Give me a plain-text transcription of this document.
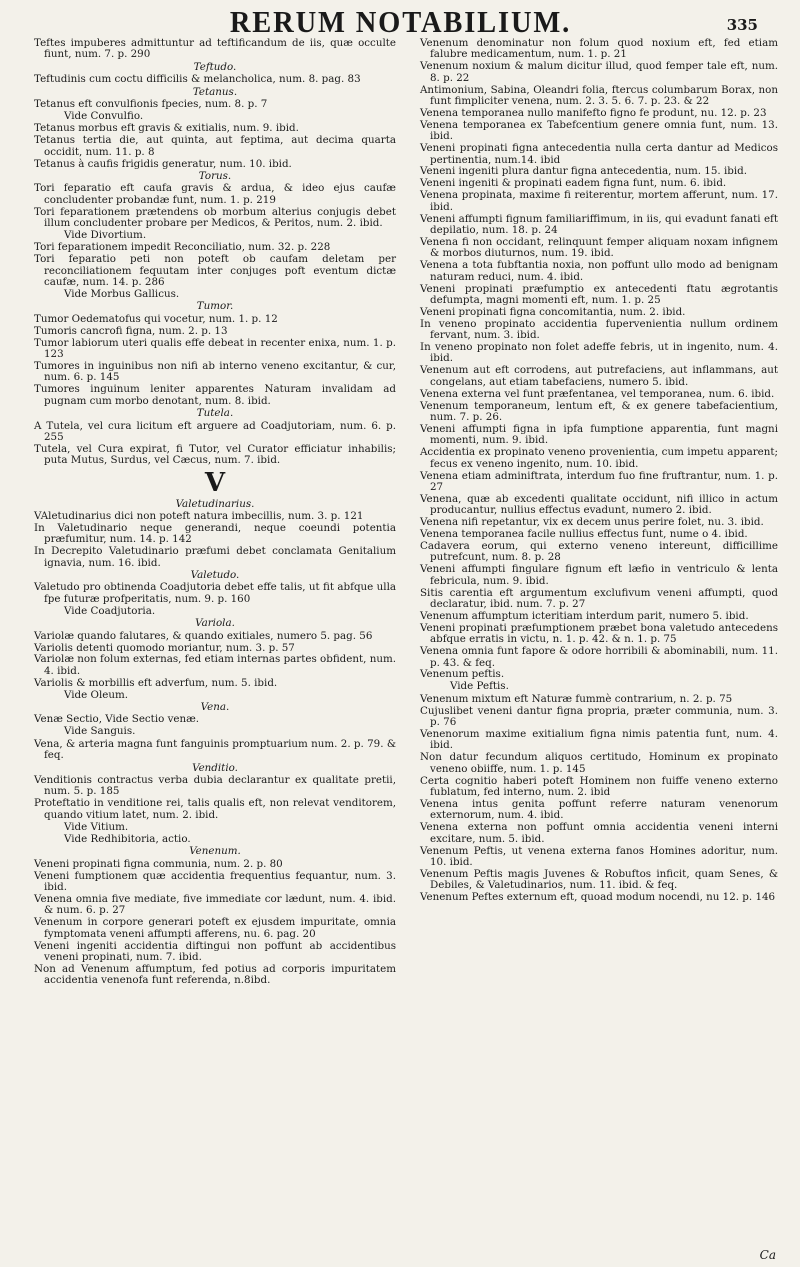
RERUM NOTABILIUM.	335
Teftes impuberes admittuntur ad teftificandum de iis, quæ occulte fiunt, num. 7. p. 290
Teftudo.
Teftudinis cum coctu difficilis & melancholica, num. 8. pag. 83
Tetanus.
Tetanus eft convulfionis fpecies, num. 8. p. 7
Vide Convulfio.
Tetanus morbus eft gravis & exitialis, num. 9. ibid.
Tetanus tertia die, aut quinta, aut feptima, aut decima quarta occidit, num. 11. p. 8
Tetanus à caufis frigidis generatur, num. 10. ibid.
Torus.
Tori feparatio eft caufa gravis & ardua, & ideo ejus caufæ concludenter probandæ funt, num. 1. p. 219
Tori feparationem prætendens ob morbum alterius conjugis debet illum concludenter probare per Medicos, & Peritos, num. 2. ibid.
Vide Divortium.
Tori feparationem impedit Reconciliatio, num. 32. p. 228
Tori feparatio peti non poteft ob caufam deletam per reconciliationem fequutam inter conjuges poft eventum dictæ caufæ, num. 14. p. 286
Vide Morbus Gallicus.
Tumor.
Tumor Oedematofus qui vocetur, num. 1. p. 12
Tumoris cancrofi figna, num. 2. p. 13
Tumor labiorum uteri qualis effe debeat in recenter enixa, num. 1. p. 123
Tumores in inguinibus non nifi ab interno veneno excitantur, & cur, num. 6. p. 145
Tumores inguinum leniter apparentes Naturam invalidam ad pugnam cum morbo denotant, num. 8. ibid.
Tutela.
A Tutela, vel cura licitum eft arguere ad Coadjutoriam, num. 6. p. 255
Tutela, vel Cura expirat, fi Tutor, vel Curator efficiatur inhabilis; puta Mutus, Surdus, vel Cæcus, num. 7. ibid.
V
Valetudinarius.
VAletudinarius dici non poteft natura imbecillis, num. 3. p. 121
In Valetudinario neque generandi, neque coeundi potentia præfumitur, num. 14. p. 142
In Decrepito Valetudinario præfumi debet conclamata Genitalium ignavia, num. 16. ibid.
Valetudo.
Valetudo pro obtinenda Coadjutoria debet effe talis, ut fit abfque ulla fpe futuræ profperitatis, num. 9. p. 160
Vide Coadjutoria.
Variola.
Variolæ quando falutares, & quando exitiales, numero 5. pag. 56
Variolis detenti quomodo moriantur, num. 3. p. 57
Variolæ non folum externas, fed etiam internas partes obfident, num. 4. ibid.
Variolis & morbillis eft adverfum, num. 5. ibid.
Vide Oleum.
Vena.
Venæ Sectio, Vide Sectio venæ.
Vide Sanguis.
Vena, & arteria magna funt fanguinis promptuarium num. 2. p. 79. & feq.
Venditio.
Venditionis contractus verba dubia declarantur ex qualitate pretii, num. 5. p. 185
Proteftatio in venditione rei, talis qualis eft, non relevat venditorem, quando vitium latet, num. 2. ibid.
Vide Vitium.
Vide Redhibitoria, actio.
Venenum.
Veneni propinati figna communia, num. 2. p. 80
Veneni fumptionem quæ accidentia frequentius fequantur, num. 3. ibid.
Venena omnia five mediate, five immediate cor lædunt, num. 4. ibid. & num. 6. p. 27
Venenum in corpore generari poteft ex ejusdem impuritate, omnia fymptomata veneni affumpti afferens, nu. 6. pag. 20
Veneni ingeniti accidentia diftingui non poffunt ab accidentibus veneni propinati, num. 7. ibid.
Non ad Venenum affumptum, fed potius ad corporis impuritatem accidentia venenofa funt referenda, n.8ibd.
Venenum denominatur non folum quod noxium eft, fed etiam falubre medicamentum, num. 1. p. 21
Venenum noxium & malum dicitur illud, quod femper tale eft, num. 8. p. 22
Antimonium, Sabina, Oleandri folia, ftercus columbarum Borax, non funt fimpliciter venena, num. 2. 3. 5. 6. 7. p. 23. & 22
Venena temporanea nullo manifefto figno fe produnt, nu. 12. p. 23
Venena temporanea ex Tabefcentium genere omnia funt, num. 13. ibid.
Veneni propinati figna antecedentia nulla certa dantur ad Medicos pertinentia, num.14. ibid
Veneni ingeniti plura dantur figna antecedentia, num. 15. ibid.
Veneni ingeniti & propinati eadem figna funt, num. 6. ibid.
Venena propinata, maxime fi reiterentur, mortem afferunt, num. 17. ibid.
Veneni affumpti fignum familiariffimum, in iis, qui evadunt fanati eft depilatio, num. 18. p. 24
Venena fi non occidant, relinquunt femper aliquam noxam infignem & morbos diuturnos, num. 19. ibid.
Venena a tota fubftantia noxia, non poffunt ullo modo ad benignam naturam reduci, num. 4. ibid.
Veneni propinati præfumptio ex antecedenti ftatu ægrotantis defumpta, magni momenti eft, num. 1. p. 25
Veneni propinati figna concomitantia, num. 2. ibid.
In veneno propinato accidentia fupervenientia nullum ordinem fervant, num. 3. ibid.
In veneno propinato non folet adeffe febris, ut in ingenito, num. 4. ibid.
Venenum aut eft corrodens, aut putrefaciens, aut inflammans, aut congelans, aut etiam tabefaciens, numero 5. ibid.
Venena externa vel funt præfentanea, vel temporanea, num. 6. ibid.
Venenum temporaneum, lentum eft, & ex genere tabefacientium, num. 7. p. 26.
Veneni affumpti figna in ipfa fumptione apparentia, funt magni momenti, num. 9. ibid.
Accidentia ex propinato veneno provenientia, cum impetu apparent; fecus ex veneno ingenito, num. 10. ibid.
Venena etiam adminiftrata, interdum fuo fine fruftrantur, num. 1. p. 27
Venena, quæ ab excedenti qualitate occidunt, nifi illico in actum producantur, nullius effectus evadunt, numero 2. ibid.
Venena nifi repetantur, vix ex decem unus perire folet, nu. 3. ibid.
Venena temporanea facile nullius effectus funt, nume o 4. ibid.
Cadavera eorum, qui externo veneno intereunt, difficillime putrefcunt, num. 8. p. 28
Veneni affumpti fingulare fignum eft læfio in ventriculo & lenta febricula, num. 9. ibid.
Sitis carentia eft argumentum exclufivum veneni affumpti, quod declaratur, ibid. num. 7. p. 27
Venenum affumptum icteritiam interdum parit, numero 5. ibid.
Veneni propinati præfumptionem præbet bona valetudo antecedens abfque erratis in victu, n. 1. p. 42. & n. 1. p. 75
Venena omnia funt fapore & odore horribili & abominabili, num. 11. p. 43. & feq.
Venenum peftis.
Vide Peftis.
Venenum mixtum eft Naturæ fummè contrarium, n. 2. p. 75
Cujuslibet veneni dantur figna propria, præter communia, num. 3. p. 76
Venenorum maxime exitialium figna nimis patentia funt, num. 4. ibid.
Non datur fecundum aliquos certitudo, Hominum ex propinato veneno obiiffe, num. 1. p. 145
Certa cognitio haberi poteft Hominem non fuiffe veneno externo fublatum, fed interno, num. 2. ibid
Venena intus genita poffunt referre naturam venenorum externorum, num. 4. ibid.
Venena externa non poffunt omnia accidentia veneni interni excitare, num. 5. ibid.
Venenum Peftis, ut venena externa fanos Homines adoritur, num. 10. ibid.
Venenum Peftis magis Juvenes & Robuftos inficit, quam Senes, & Debiles, & Valetudinarios, num. 11. ibid. & feq.
Venenum Peftes externum eft, quoad modum nocendi, nu 12. p. 146
Ca
